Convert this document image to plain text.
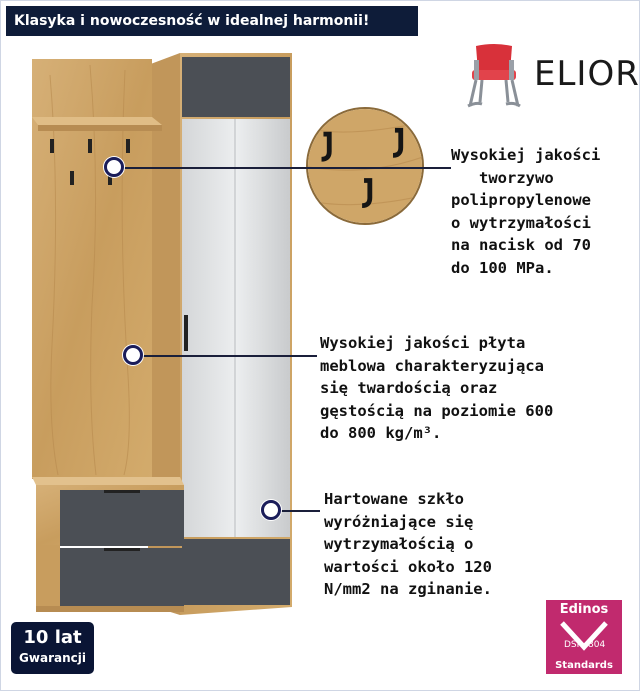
Klasyka i nowoczesność w idealnej harmonii!
ELIOR
Wysokiej jakości
tworzywo
polipropylenowe
o wytrzymałości
na nacisk od 70
do 100 MPa.
Wysokiej jakości płyta
meblowa charakteryzująca
się twardością oraz
gęstością na poziomie 600
do 800 kg/m³.
Hartowane szkło
wyróżniające się
wytrzymałością o
wartości około 120
N/mm2 na zginanie.
10 lat
Gwarancji
Edinos
DSI 804
Standards
